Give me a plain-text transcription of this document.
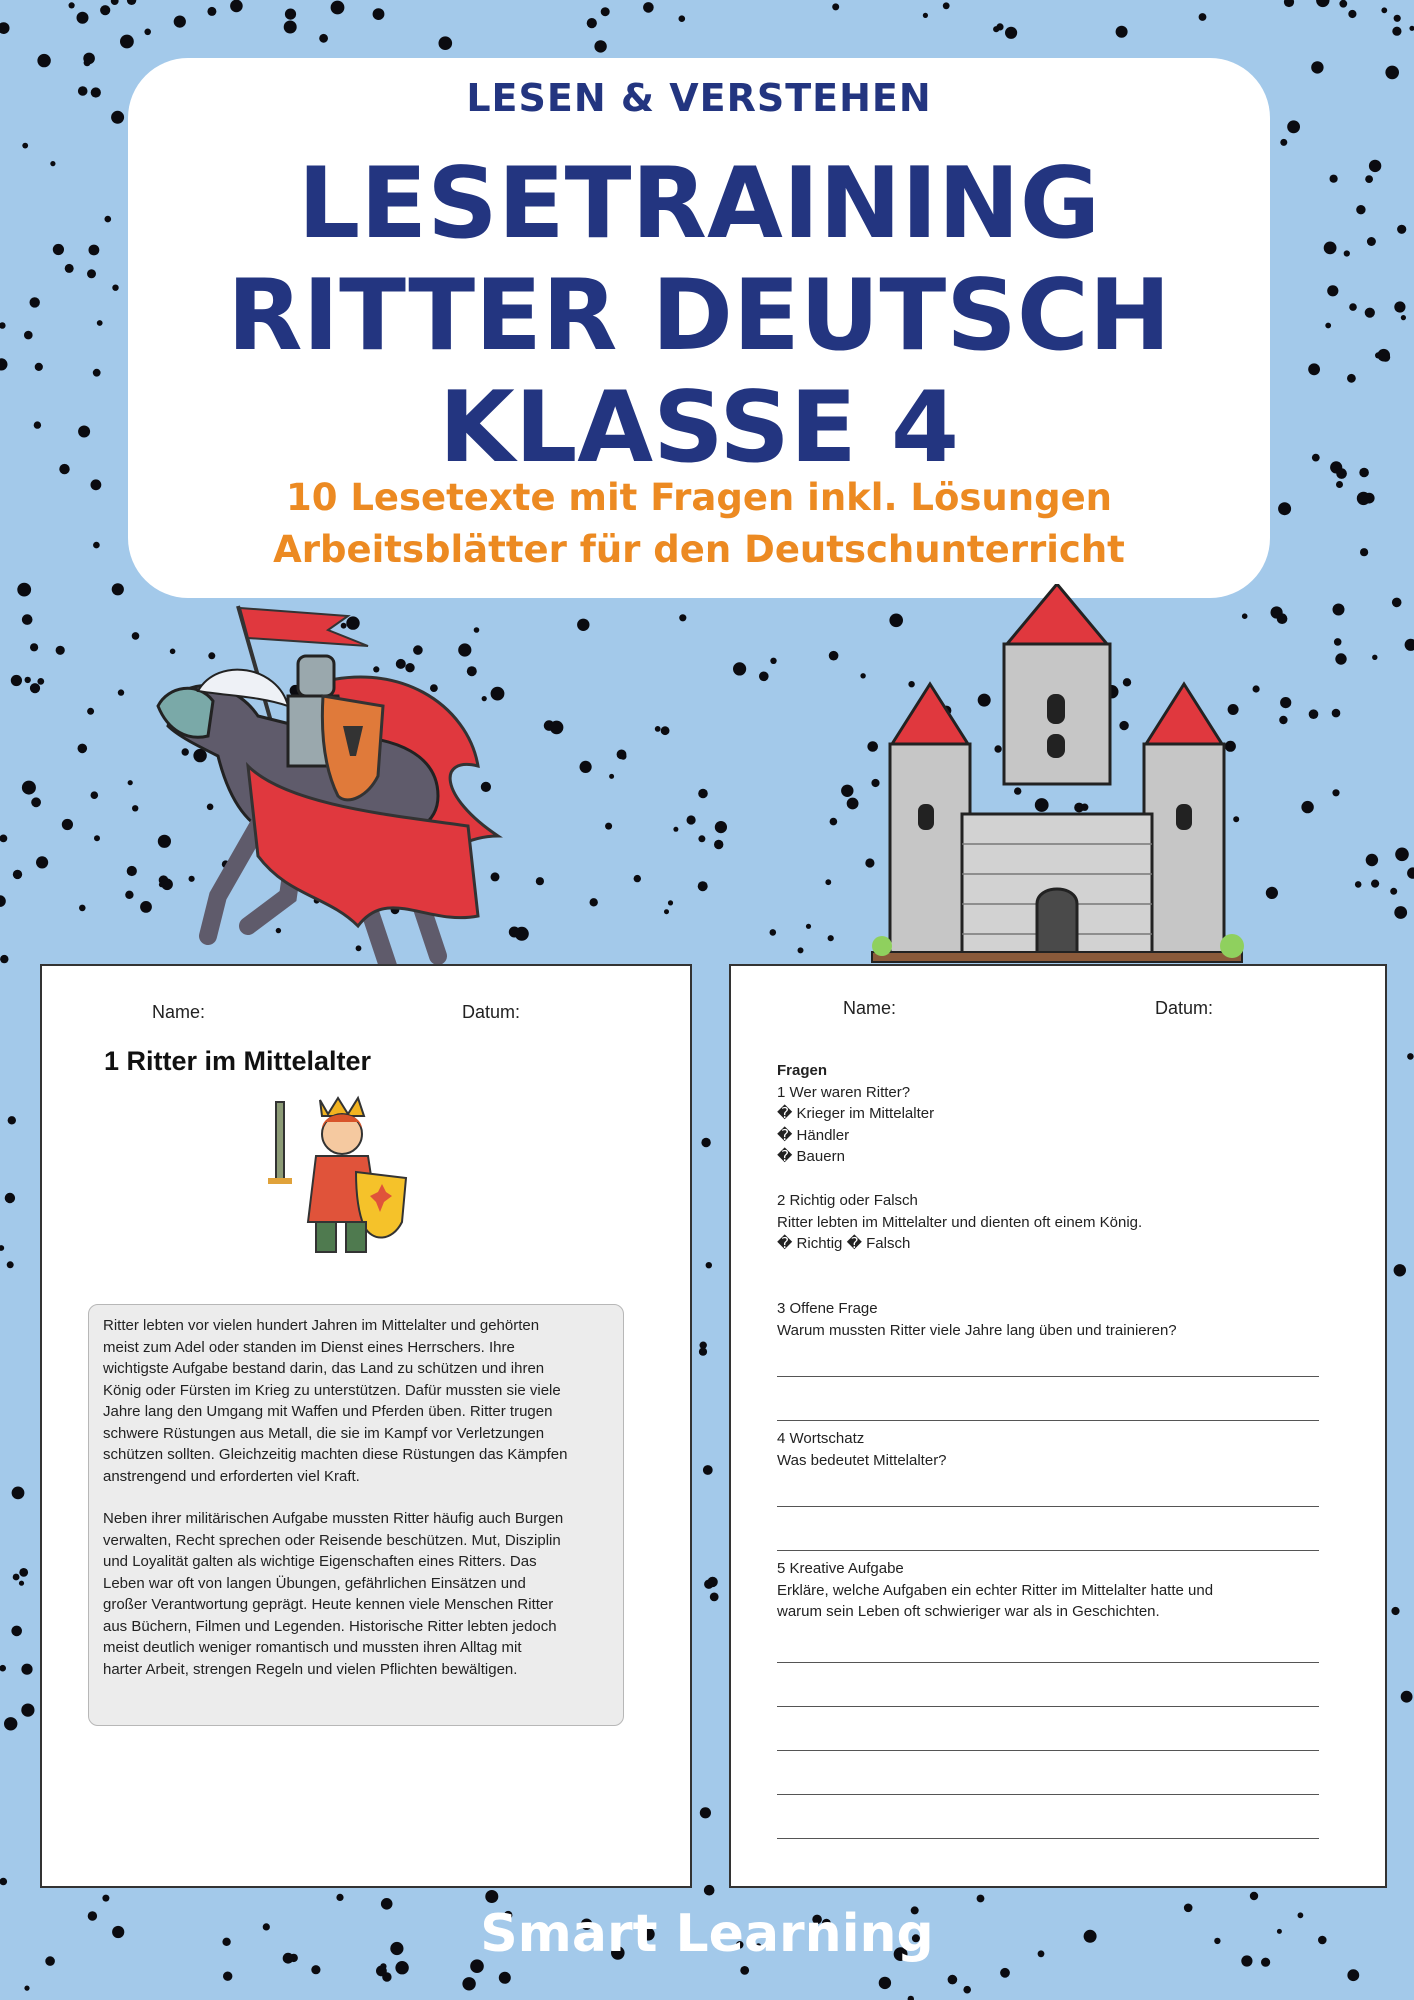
LESEN & VERSTEHEN
LESETRAINING
RITTER DEUTSCH
KLASSE 4
10 Lesetexte mit Fragen inkl. Lösungen
Arbeitsblätter für den Deutschunterricht
Name:	Datum:
1 Ritter im Mittelalter

Ritter lebten vor vielen hundert Jahren im Mittelalter und gehörten
meist zum Adel oder standen im Dienst eines Herrschers. Ihre
wichtigste Aufgabe bestand darin, das Land zu schützen und ihren
König oder Fürsten im Krieg zu unterstützen. Dafür mussten sie viele
Jahre lang den Umgang mit Waffen und Pferden üben. Ritter trugen
schwere Rüstungen aus Metall, die sie im Kampf vor Verletzungen
schützen sollten. Gleichzeitig machten diese Rüstungen das Kämpfen
anstrengend und erforderten viel Kraft.

Neben ihrer militärischen Aufgabe mussten Ritter häufig auch Burgen
verwalten, Recht sprechen oder Reisende beschützen. Mut, Disziplin
und Loyalität galten als wichtige Eigenschaften eines Ritters. Das
Leben war oft von langen Übungen, gefährlichen Einsätzen und
großer Verantwortung geprägt. Heute kennen viele Menschen Ritter
aus Büchern, Filmen und Legenden. Historische Ritter lebten jedoch
meist deutlich weniger romantisch und mussten ihren Alltag mit
harter Arbeit, strengen Regeln und vielen Pflichten bewältigen.

Name:	Datum:
Fragen
1 Wer waren Ritter?
� Krieger im Mittelalter
� Händler
� Bauern
2 Richtig oder Falsch
Ritter lebten im Mittelalter und dienten oft einem König.
� Richtig � Falsch
3 Offene Frage
Warum mussten Ritter viele Jahre lang üben und trainieren?
4 Wortschatz
Was bedeutet Mittelalter?
5 Kreative Aufgabe
Erkläre, welche Aufgaben ein echter Ritter im Mittelalter hatte und
warum sein Leben oft schwieriger war als in Geschichten.
Smart Learning
